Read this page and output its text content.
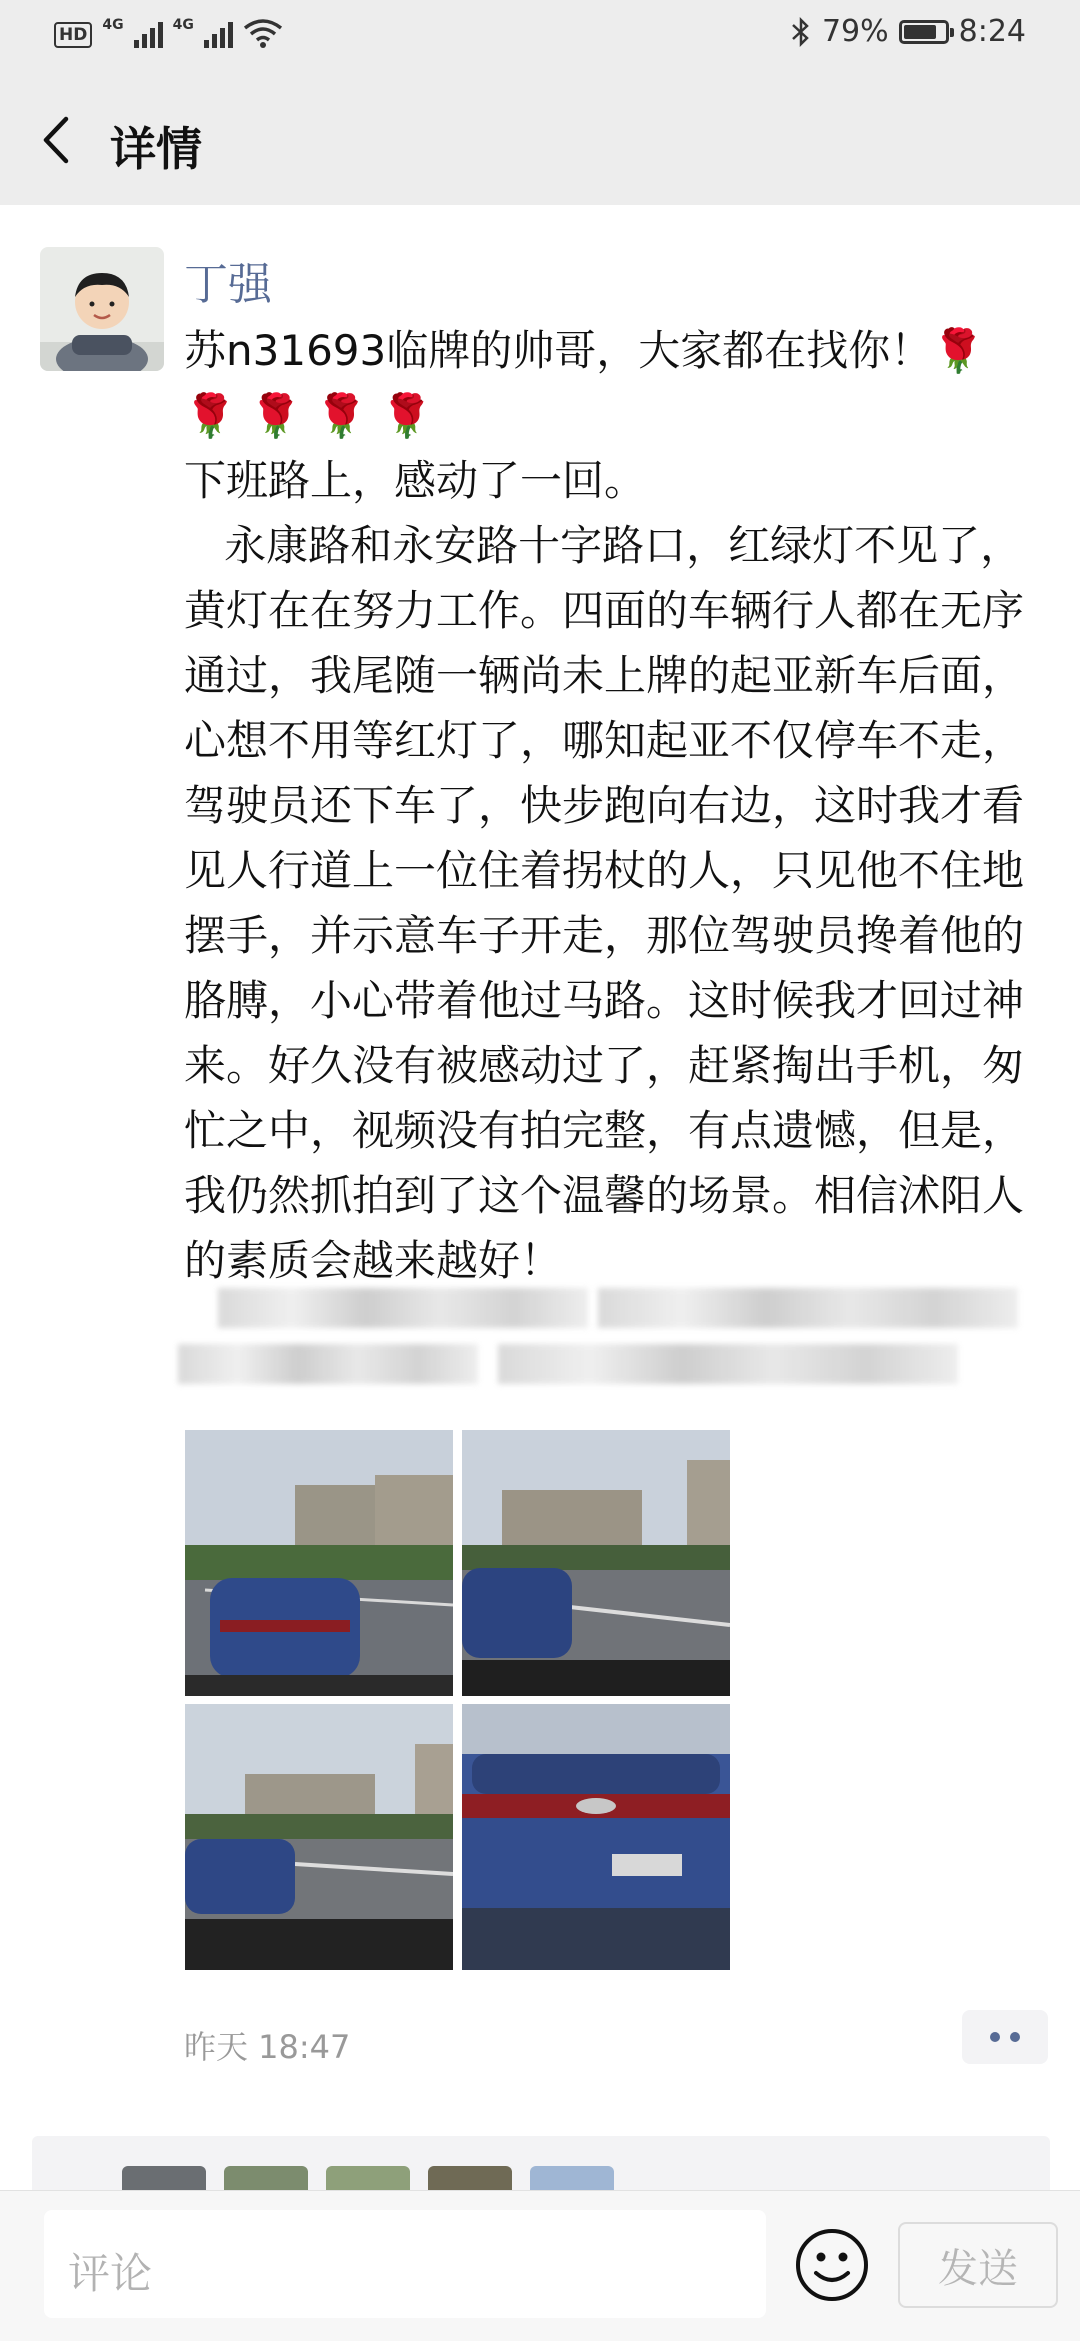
HD	4G	4G	79% 8:24
详情
丁强
苏n31693临牌的帅哥，大家都在找你！🌹
🌹 🌹 🌹 🌹
下班路上，感动了一回。
永康路和永安路十字路口，红绿灯不见了，黄灯在在努力工作。四面的车辆行人都在无序通过，我尾随一辆尚未上牌的起亚新车后面，心想不用等红灯了，哪知起亚不仅停车不走，驾驶员还下车了，快步跑向右边，这时我才看见人行道上一位住着拐杖的人，只见他不住地摆手，并示意车子开走，那位驾驶员搀着他的胳膊，小心带着他过马路。这时候我才回过神来。好久没有被感动过了，赶紧掏出手机，匆忙之中，视频没有拍完整，有点遗憾，但是，我仍然抓拍到了这个温馨的场景。相信沭阳人的素质会越来越好！
昨天 18:47
评论	发送
